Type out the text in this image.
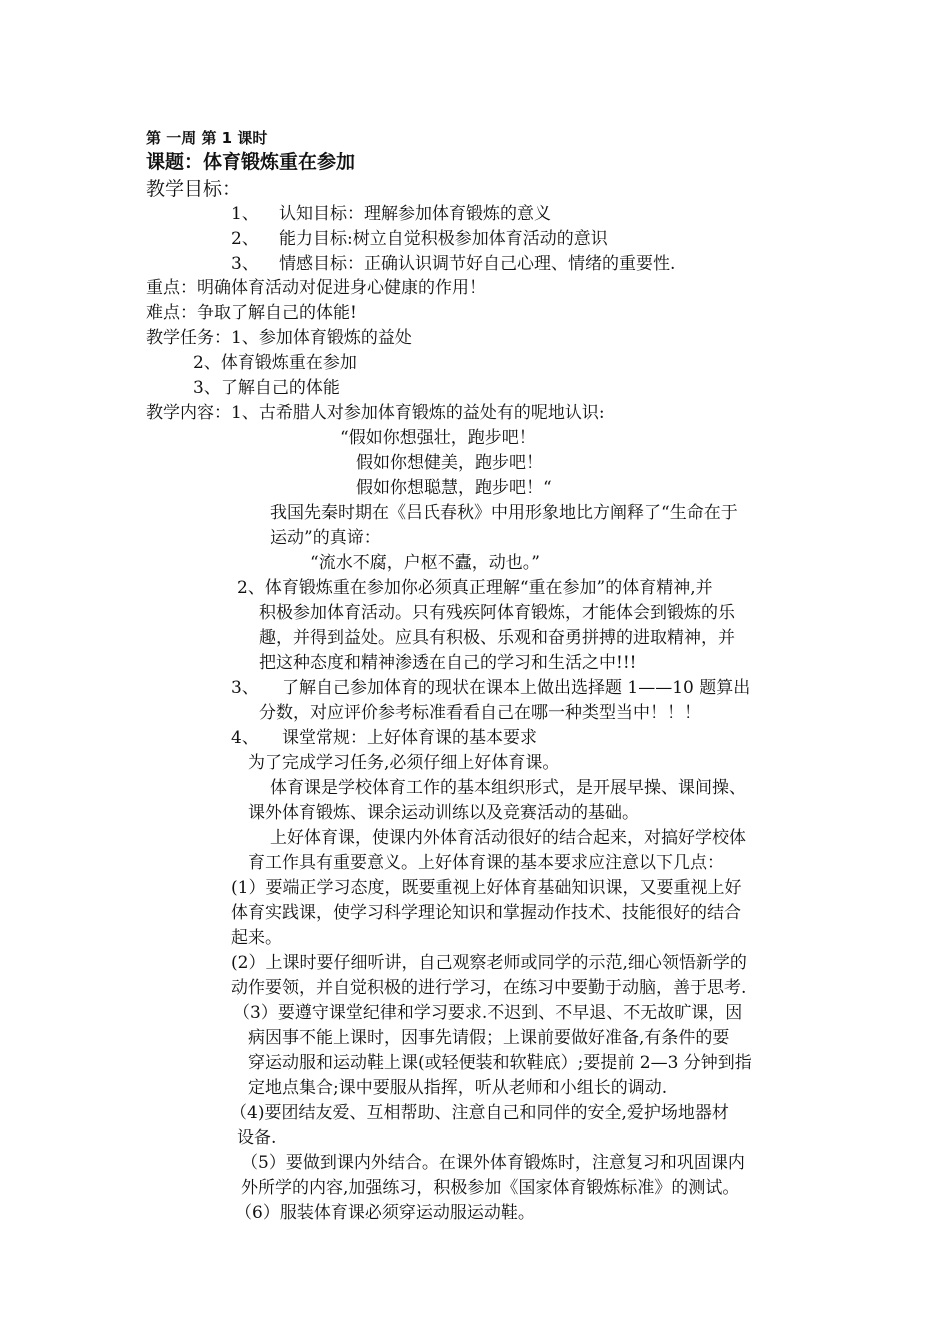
第 一周 第 1 课时
课题：体育锻炼重在参加
教学目标：
1、 认知目标：理解参加体育锻炼的意义
2、 能力目标:树立自觉积极参加体育活动的意识
3、 情感目标：正确认识调节好自己心理、情绪的重要性.
重点：明确体育活动对促进身心健康的作用！
难点：争取了解自己的体能!
教学任务：1、参加体育锻炼的益处
2、体育锻炼重在参加
3、了解自己的体能
教学内容：1、古希腊人对参加体育锻炼的益处有的呢地认识:
“假如你想强壮，跑步吧！
假如你想健美，跑步吧！
假如你想聪慧，跑步吧！“
我国先秦时期在《吕氏春秋》中用形象地比方阐释了“生命在于
运动”的真谛：
“流水不腐，户枢不蠹，动也。”
2、体育锻炼重在参加你必须真正理解“重在参加”的体育精神,并
积极参加体育活动。只有残疾阿体育锻炼，才能体会到锻炼的乐
趣，并得到益处。应具有积极、乐观和奋勇拼搏的进取精神，并
把这种态度和精神渗透在自己的学习和生活之中!!!
3、 了解自己参加体育的现状在课本上做出选择题 1——10 题算出
分数，对应评价参考标准看看自己在哪一种类型当中！！！
4、 课堂常规：上好体育课的基本要求
为了完成学习任务,必须仔细上好体育课。
体育课是学校体育工作的基本组织形式，是开展早操、课间操、
课外体育锻炼、课余运动训练以及竞赛活动的基础。
上好体育课，使课内外体育活动很好的结合起来，对搞好学校体
育工作具有重要意义。上好体育课的基本要求应注意以下几点：
(1）要端正学习态度，既要重视上好体育基础知识课，又要重视上好
体育实践课，使学习科学理论知识和掌握动作技术、技能很好的结合
起来。
(2）上课时要仔细听讲，自己观察老师或同学的示范,细心领悟新学的
动作要领，并自觉积极的进行学习，在练习中要勤于动脑，善于思考.
（3）要遵守课堂纪律和学习要求.不迟到、不早退、不无故旷课，因
病因事不能上课时，因事先请假；上课前要做好准备,有条件的要
穿运动服和运动鞋上课(或轻便装和软鞋底）;要提前 2—3 分钟到指
定地点集合;课中要服从指挥，听从老师和小组长的调动.
（4)要团结友爱、互相帮助、注意自己和同伴的安全,爱护场地器材
设备.
（5）要做到课内外结合。在课外体育锻炼时，注意复习和巩固课内
外所学的内容,加强练习，积极参加《国家体育锻炼标准》的测试。
（6）服装体育课必须穿运动服运动鞋。
